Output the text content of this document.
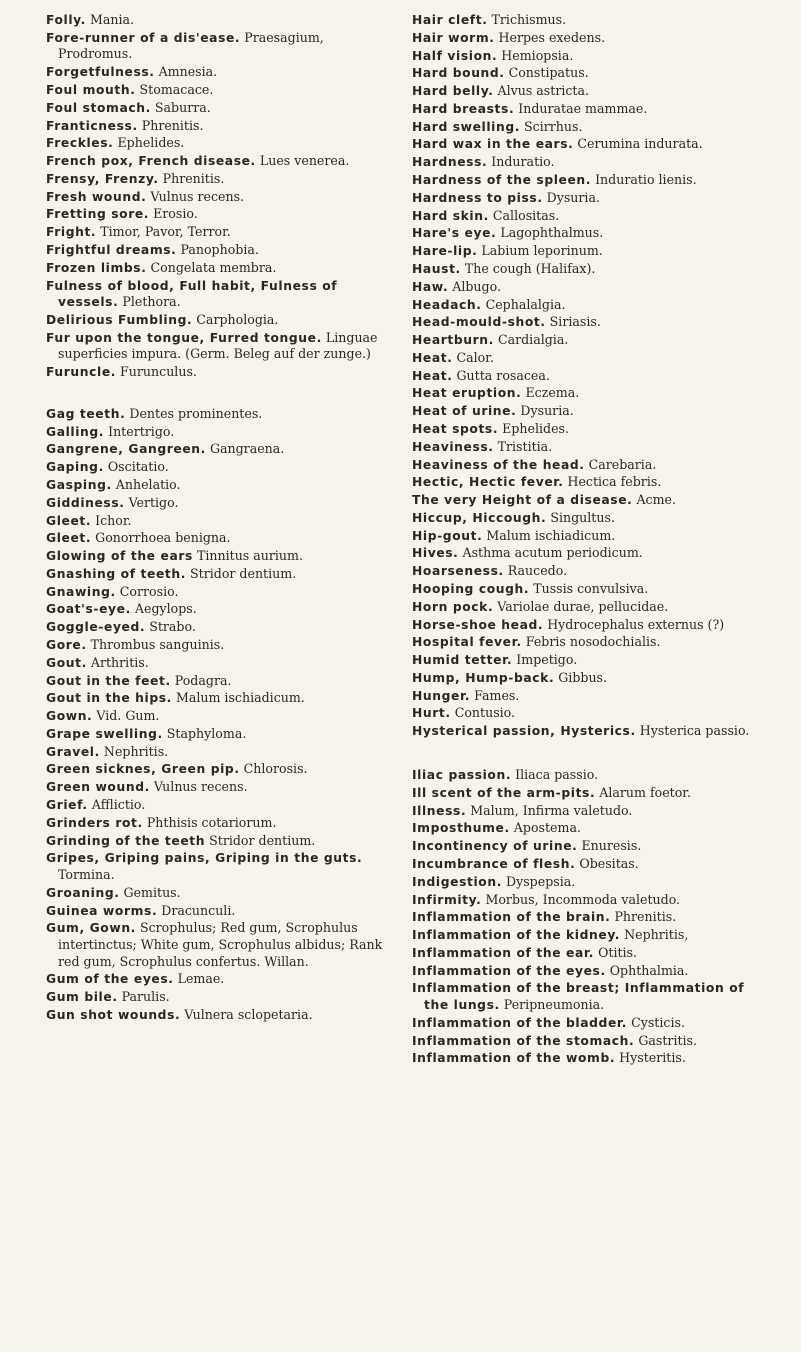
Folly. Mania.
Fore-runner of a dis'ease. Praesagium, Prodromus.
Forgetfulness. Amnesia.
Foul mouth. Stomacace.
Foul stomach. Saburra.
Franticness. Phrenitis.
Freckles. Ephelides.
French pox, French disease. Lues venerea.
Frensy, Frenzy. Phrenitis.
Fresh wound. Vulnus recens.
Fretting sore. Erosio.
Fright. Timor, Pavor, Terror.
Frightful dreams. Panophobia.
Frozen limbs. Congelata membra.
Fulness of blood, Full habit, Fulness of vessels. Plethora.
Delirious Fumbling. Carphologia.
Fur upon the tongue, Furred tongue. Linguae superficies impura. (Germ. Beleg auf der zunge.)
Furuncle. Furunculus.
Gag teeth. Dentes prominentes.
Galling. Intertrigo.
Gangrene, Gangreen. Gangraena.
Gaping. Oscitatio.
Gasping. Anhelatio.
Giddiness. Vertigo.
Gleet. Ichor.
Gleet. Gonorrhoea benigna.
Glowing of the ears Tinnitus aurium.
Gnashing of teeth. Stridor dentium.
Gnawing. Corrosio.
Goat's-eye. Aegylops.
Goggle-eyed. Strabo.
Gore. Thrombus sanguinis.
Gout. Arthritis.
Gout in the feet. Podagra.
Gout in the hips. Malum ischiadicum.
Gown. Vid. Gum.
Grape swelling. Staphyloma.
Gravel. Nephritis.
Green sicknes, Green pip. Chlorosis.
Green wound. Vulnus recens.
Grief. Afflictio.
Grinders rot. Phthisis cotariorum.
Grinding of the teeth Stridor dentium.
Gripes, Griping pains, Griping in the guts. Tormina.
Groaning. Gemitus.
Guinea worms. Dracunculi.
Gum, Gown. Scrophulus; Red gum, Scrophulus intertinctus; White gum, Scrophulus albidus; Rank red gum, Scrophulus confertus. Willan.
Gum of the eyes. Lemae.
Gum bile. Parulis.
Gun shot wounds. Vulnera sclopetaria.
Hair cleft. Trichismus.
Hair worm. Herpes exedens.
Half vision. Hemiopsia.
Hard bound. Constipatus.
Hard belly. Alvus astricta.
Hard breasts. Induratae mammae.
Hard swelling. Scirrhus.
Hard wax in the ears. Cerumina indurata.
Hardness. Induratio.
Hardness of the spleen. Induratio lienis.
Hardness to piss. Dysuria.
Hard skin. Callositas.
Hare's eye. Lagophthalmus.
Hare-lip. Labium leporinum.
Haust. The cough (Halifax).
Haw. Albugo.
Headach. Cephalalgia.
Head-mould-shot. Siriasis.
Heartburn. Cardialgia.
Heat. Calor.
Heat. Gutta rosacea.
Heat eruption. Eczema.
Heat of urine. Dysuria.
Heat spots. Ephelides.
Heaviness. Tristitia.
Heaviness of the head. Carebaria.
Hectic, Hectic fever. Hectica febris.
The very Height of a disease. Acme.
Hiccup, Hiccough. Singultus.
Hip-gout. Malum ischiadicum.
Hives. Asthma acutum periodicum.
Hoarseness. Raucedo.
Hooping cough. Tussis convulsiva.
Horn pock. Variolae durae, pellucidae.
Horse-shoe head. Hydrocephalus externus (?)
Hospital fever. Febris nosodochialis.
Humid tetter. Impetigo.
Hump, Hump-back. Gibbus.
Hunger. Fames.
Hurt. Contusio.
Hysterical passion, Hysterics. Hysterica passio.
Iliac passion. Iliaca passio.
Ill scent of the arm-pits. Alarum foetor.
Illness. Malum, Infirma valetudo.
Imposthume. Apostema.
Incontinency of urine. Enuresis.
Incumbrance of flesh. Obesitas.
Indigestion. Dyspepsia.
Infirmity. Morbus, Incommoda valetudo.
Inflammation of the brain. Phrenitis.
Inflammation of the kidney. Nephritis,
Inflammation of the ear. Otitis.
Inflammation of the eyes. Ophthalmia.
Inflammation of the breast; Inflammation of the lungs. Peripneumonia.
Inflammation of the bladder. Cysticis.
Inflammation of the stomach. Gastritis.
Inflammation of the womb. Hysteritis.
